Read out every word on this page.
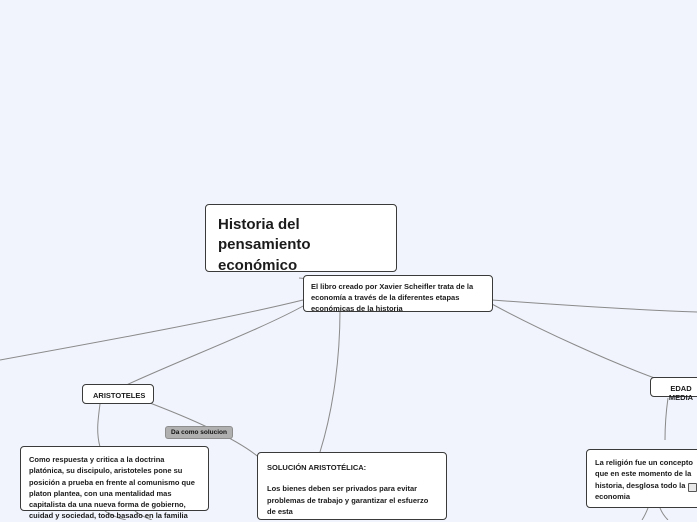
Historia del pensamiento económico
El libro creado por Xavier Scheifler trata de la economía a través de la diferentes etapas económicas de la historia
ARISTOTELES
EDAD MEDIA
Como respuesta y critica a la doctrina platónica, su discipulo, aristoteles pone su posición a prueba en frente al comunismo que platon plantea, con una mentalidad mas capitalista da una nueva forma de gobierno, cuidad y sociedad, todo basado en la familia
SOLUCIÓN ARISTOTÉLICA:
Los bienes deben ser privados para evitar problemas de trabajo y garantizar el esfuerzo de esta
La religión fue un concepto que en este momento de la historia, desglosa todo la economia
Da como solucion
